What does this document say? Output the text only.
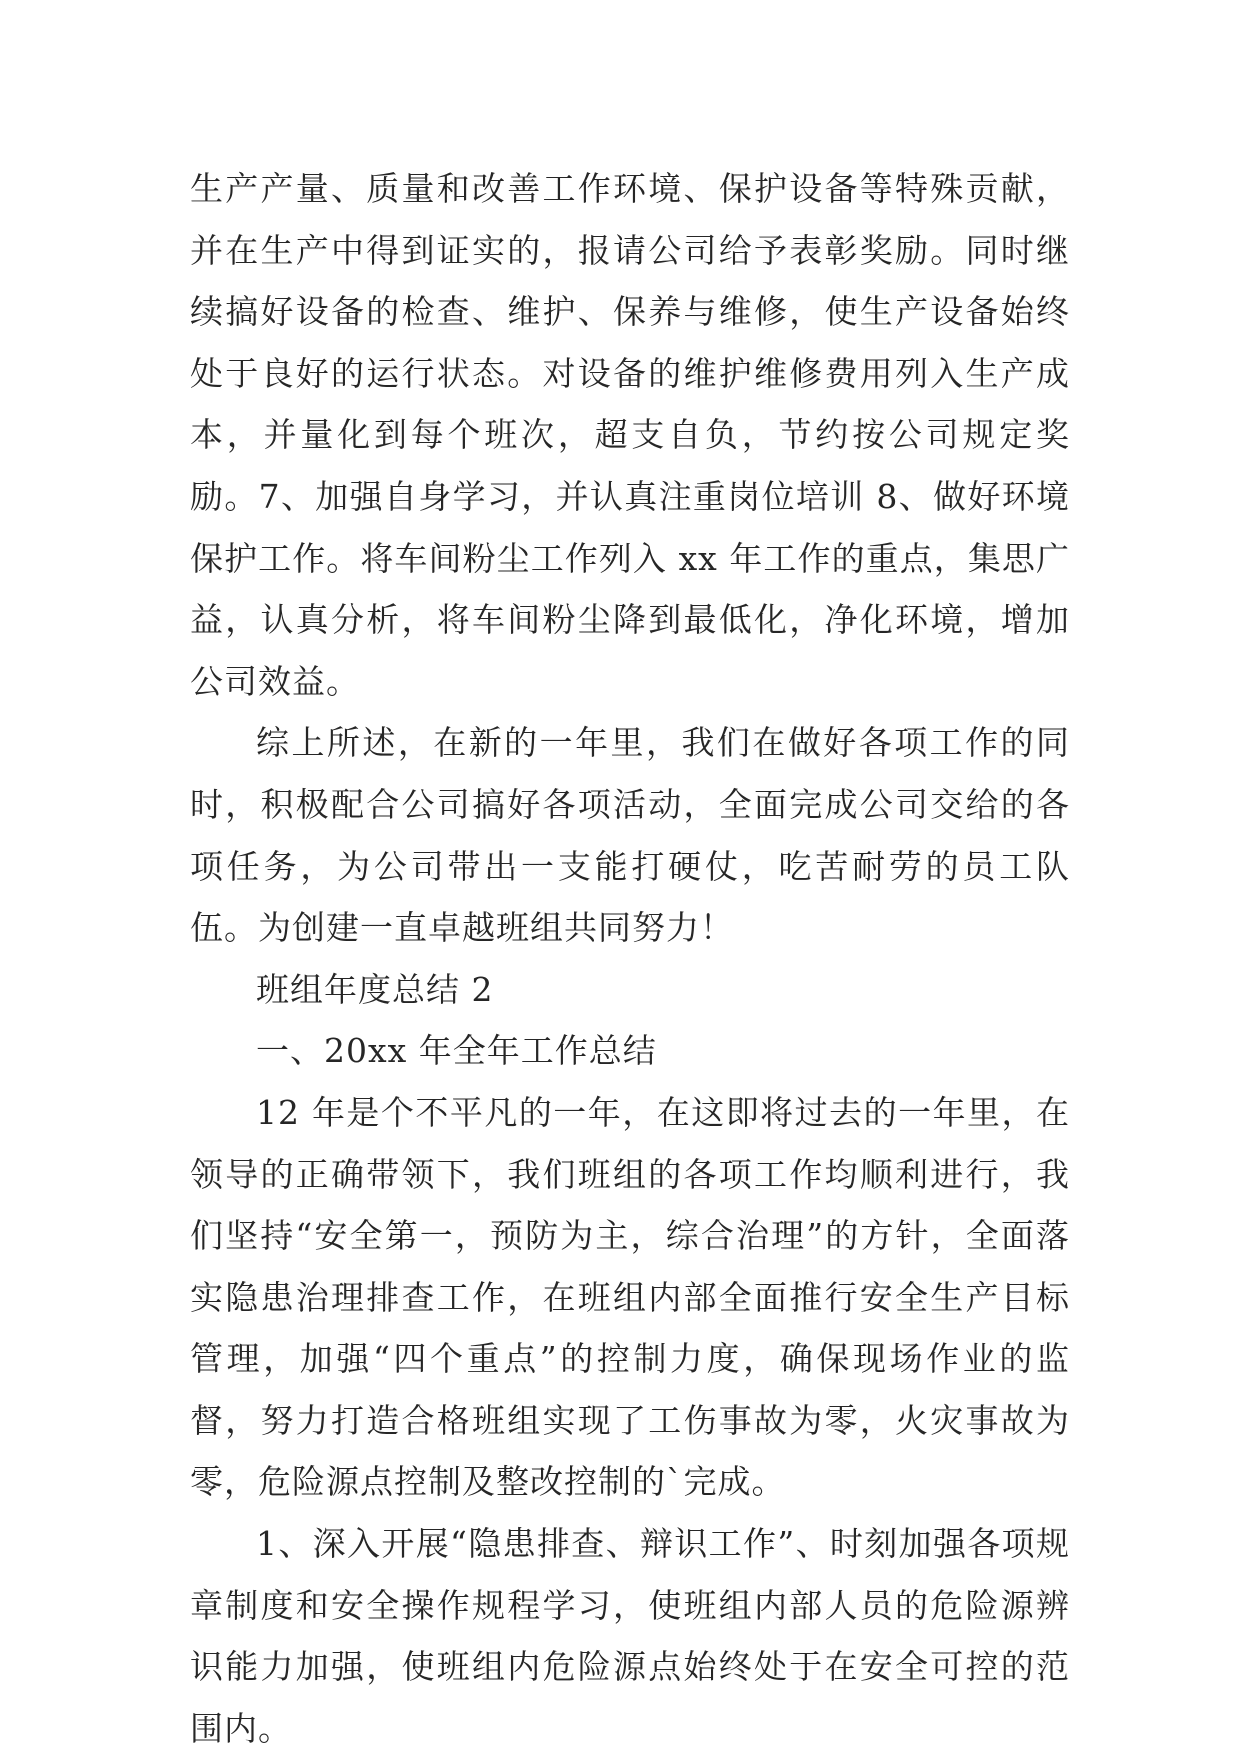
生产产量、质量和改善工作环境、保护设备等特殊贡献，并在生产中得到证实的，报请公司给予表彰奖励。同时继续搞好设备的检查、维护、保养与维修，使生产设备始终处于良好的运行状态。对设备的维护维修费用列入生产成本，并量化到每个班次，超支自负，节约按公司规定奖励。7、加强自身学习，并认真注重岗位培训 8、做好环境保护工作。将车间粉尘工作列入 xx 年工作的重点，集思广益，认真分析，将车间粉尘降到最低化，净化环境，增加公司效益。

综上所述，在新的一年里，我们在做好各项工作的同时，积极配合公司搞好各项活动，全面完成公司交给的各项任务，为公司带出一支能打硬仗，吃苦耐劳的员工队伍。为创建一直卓越班组共同努力！

班组年度总结 2

一、20xx 年全年工作总结

12 年是个不平凡的一年，在这即将过去的一年里，在领导的正确带领下，我们班组的各项工作均顺利进行，我们坚持“安全第一，预防为主，综合治理”的方针，全面落实隐患治理排查工作，在班组内部全面推行安全生产目标管理，加强“四个重点”的控制力度，确保现场作业的监督，努力打造合格班组实现了工伤事故为零，火灾事故为零，危险源点控制及整改控制的`完成。

1、深入开展“隐患排查、辩识工作”、时刻加强各项规章制度和安全操作规程学习，使班组内部人员的危险源辨识能力加强，使班组内危险源点始终处于在安全可控的范围内。
